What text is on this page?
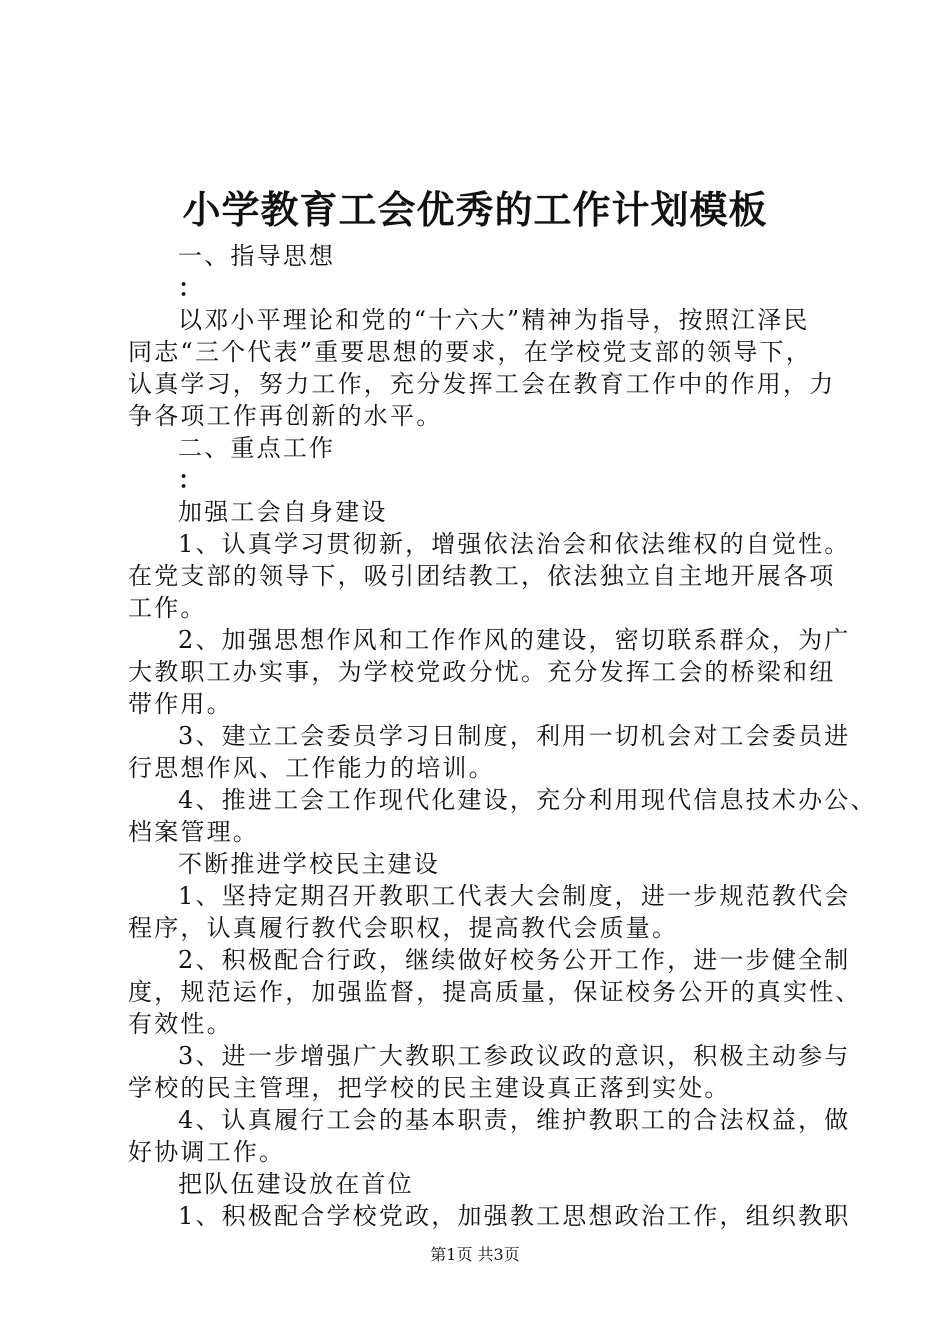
小学教育工会优秀的工作计划模板
一、指导思想
：
以邓小平理论和党的“十六大”精神为指导，按照江泽民
同志“三个代表”重要思想的要求，在学校党支部的领导下，
认真学习，努力工作，充分发挥工会在教育工作中的作用，力
争各项工作再创新的水平。
二、重点工作
：
加强工会自身建设
1、认真学习贯彻新，增强依法治会和依法维权的自觉性。
在党支部的领导下，吸引团结教工，依法独立自主地开展各项
工作。
2、加强思想作风和工作作风的建设，密切联系群众，为广
大教职工办实事，为学校党政分忧。充分发挥工会的桥梁和纽
带作用。
3、建立工会委员学习日制度，利用一切机会对工会委员进
行思想作风、工作能力的培训。
4、推进工会工作现代化建设，充分利用现代信息技术办公、
档案管理。
不断推进学校民主建设
1、坚持定期召开教职工代表大会制度，进一步规范教代会
程序，认真履行教代会职权，提高教代会质量。
2、积极配合行政，继续做好校务公开工作，进一步健全制
度，规范运作，加强监督，提高质量，保证校务公开的真实性、
有效性。
3、进一步增强广大教职工参政议政的意识，积极主动参与
学校的民主管理，把学校的民主建设真正落到实处。
4、认真履行工会的基本职责，维护教职工的合法权益，做
好协调工作。
把队伍建设放在首位
1、积极配合学校党政，加强教工思想政治工作，组织教职
第1页 共3页
